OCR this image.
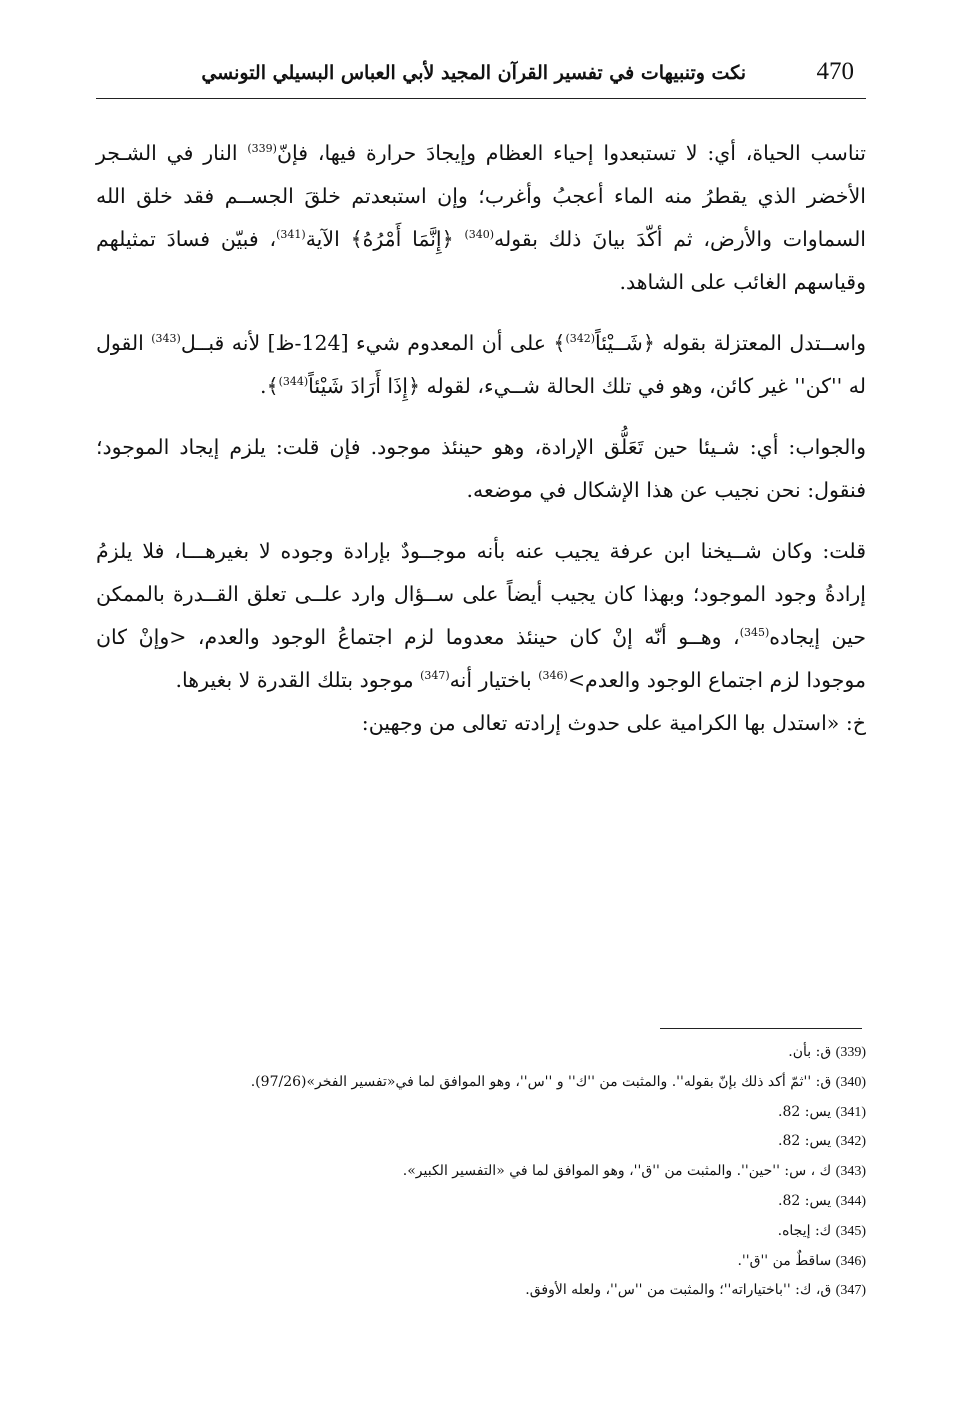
470
نكت وتنبيهات في تفسير القرآن المجيد لأبي العباس البسيلي التونسي

تناسب الحياة، أي: لا تستبعدوا إحياء العظام وإيجادَ حرارة فيها، فإنّ$^{(339)}$ النار في الشـجر الأخضر الذي يقطرُ منه الماء أعجبُ وأغرب؛ وإن استبعدتم خلقَ الجســم فقد خلق الله السماوات والأرض، ثم أكّدَ بيانَ ذلك بقوله$^{(340)}$ ﴿إِنَّمَا أَمْرُهُ﴾ الآية$^{(341)}$، فبيّن فسادَ تمثيلهم وقياسهم الغائب على الشاهد.

واســتدل المعتزلة بقوله ﴿شَــيْئاً$^{(342)}$﴾ على أن المعدوم شيء [124-ظ] لأنه قبــل$^{(343)}$ القول له ''كن'' غير كائن، وهو في تلك الحالة شــيء، لقوله ﴿إِذَا أَرَادَ شَيْئاً$^{(344)}$﴾.

والجواب: أي: شـيئا حين تَعَلُّق الإرادة، وهو حينئذ موجود. فإن قلت: يلزم إيجاد الموجود؛ فنقول: نحن نجيب عن هذا الإشكال في موضعه.

قلت: وكان شــيخنا ابن عرفة يجيب عنه بأنه موجــودٌ بإرادة وجوده لا بغيرهـــا، فلا يلزمُ إرادةُ وجود الموجود؛ وبهذا كان يجيب أيضاً على ســؤال وارد علــى تعلق القــدرة بالممكن حين إيجاده$^{(345)}$، وهــو أنّه إنْ كان حينئذ معدوما لزم اجتماعُ الوجود والعدم، <وإنْ كان موجودا لزم اجتماع الوجود والعدم>$^{(346)}$ باختيار أنه$^{(347)}$ موجود بتلك القدرة لا بغيرها.

خ: «استدل بها الكرامية على حدوث إرادته تعالى من وجهين:

(339) ق: بأن.

(340) ق: ''ثمّ أكد ذلك بإنّ بقوله''. والمثبت من ''ك'' و ''س''، وهو الموافق لما في«تفسير الفخر»(97/26).

(341) يس: 82.

(342) يس: 82.

(343) ك ، س: ''حين''. والمثبت من ''ق''، وهو الموافق لما في «التفسير الكبير».

(344) يس: 82.

(345) ك: إيجاه.

(346) ساقطٌ من ''ق''.

(347) ق، ك: ''باختياراته''؛ والمثبت من ''س''، ولعله الأوفق.
